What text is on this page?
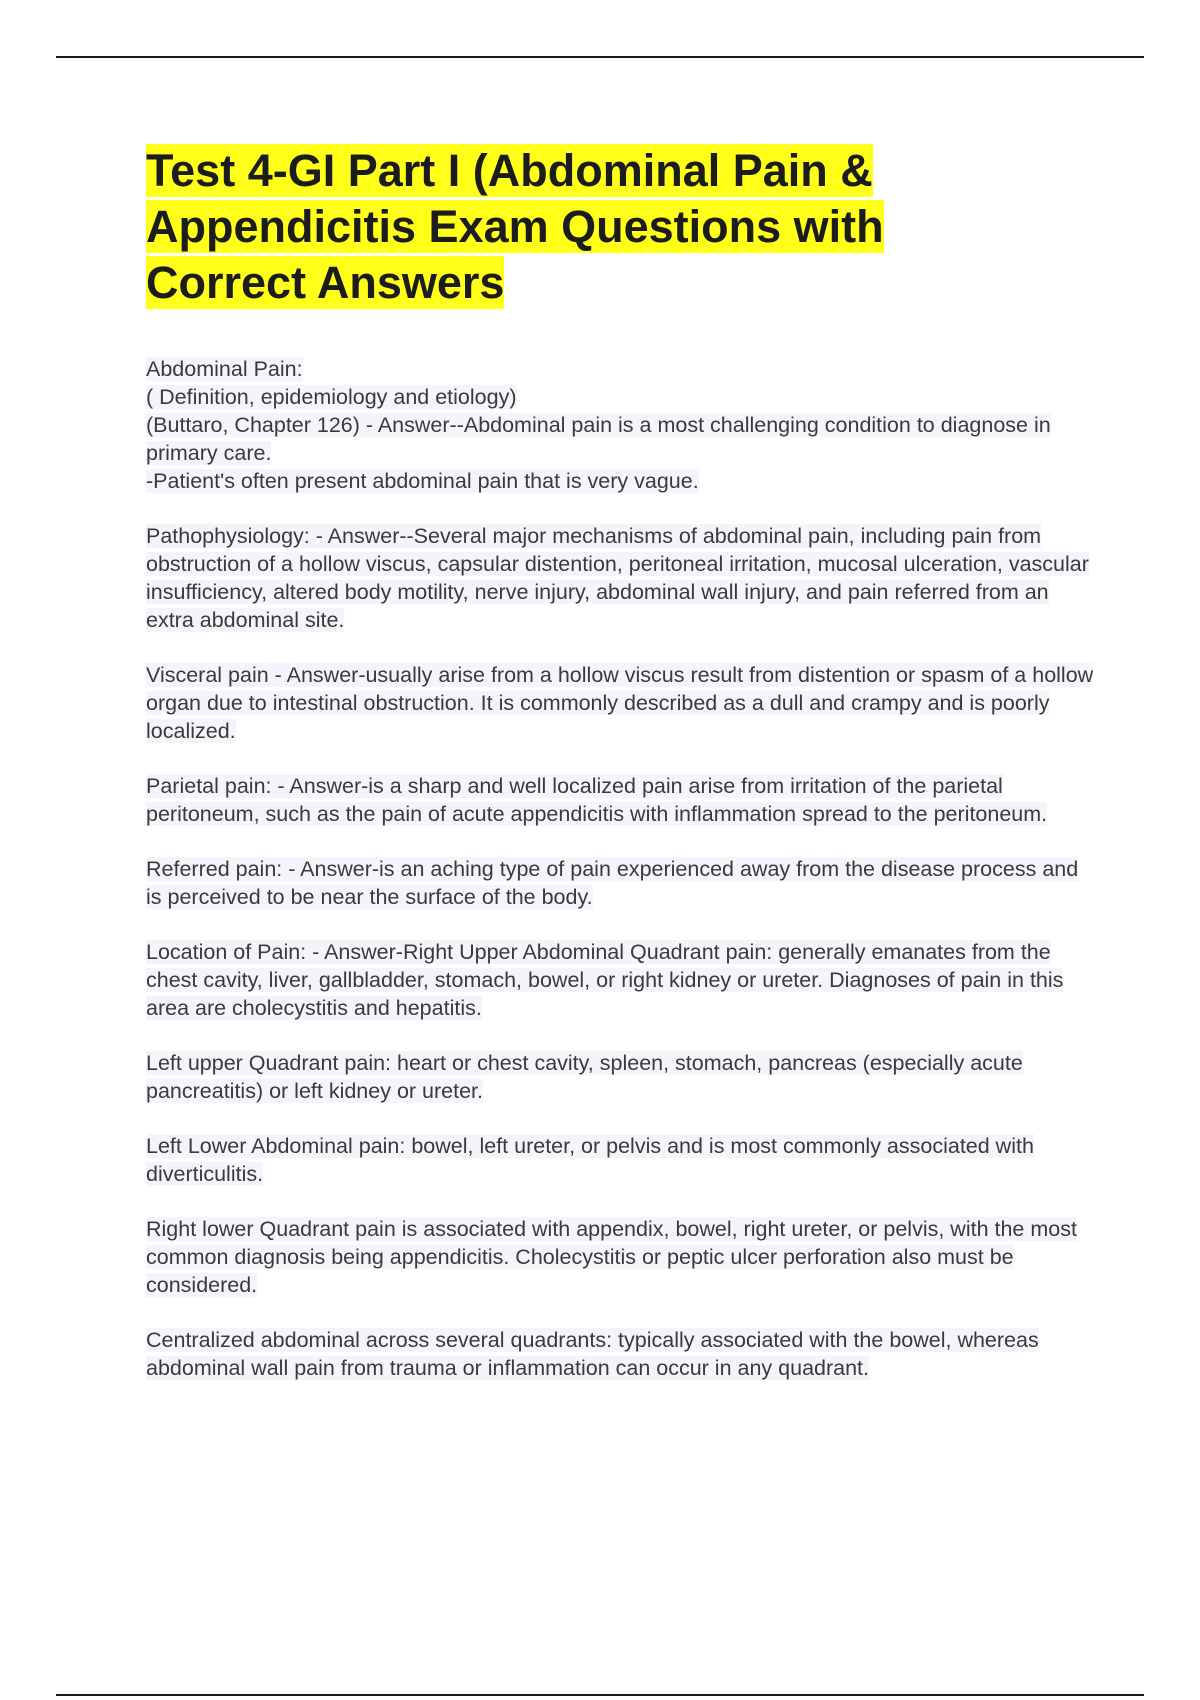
Test 4-GI Part I (Abdominal Pain & Appendicitis Exam Questions with Correct Answers

Abdominal Pain:
( Definition, epidemiology and etiology)
(Buttaro, Chapter 126) - Answer--Abdominal pain is a most challenging condition to diagnose in primary care.
-Patient's often present abdominal pain that is very vague.

Pathophysiology: - Answer--Several major mechanisms of abdominal pain, including pain from obstruction of a hollow viscus, capsular distention, peritoneal irritation, mucosal ulceration, vascular insufficiency, altered body motility, nerve injury, abdominal wall injury, and pain referred from an extra abdominal site.

Visceral pain - Answer-usually arise from a hollow viscus result from distention or spasm of a hollow organ due to intestinal obstruction. It is commonly described as a dull and crampy and is poorly localized.

Parietal pain: - Answer-is a sharp and well localized pain arise from irritation of the parietal peritoneum, such as the pain of acute appendicitis with inflammation spread to the peritoneum.

Referred pain: - Answer-is an aching type of pain experienced away from the disease process and is perceived to be near the surface of the body.

Location of Pain: - Answer-Right Upper Abdominal Quadrant pain: generally emanates from the chest cavity, liver, gallbladder, stomach, bowel, or right kidney or ureter. Diagnoses of pain in this area are cholecystitis and hepatitis.

Left upper Quadrant pain: heart or chest cavity, spleen, stomach, pancreas (especially acute pancreatitis) or left kidney or ureter.

Left Lower Abdominal pain: bowel, left ureter, or pelvis and is most commonly associated with diverticulitis.

Right lower Quadrant pain is associated with appendix, bowel, right ureter, or pelvis, with the most common diagnosis being appendicitis. Cholecystitis or peptic ulcer perforation also must be considered.

Centralized abdominal across several quadrants: typically associated with the bowel, whereas abdominal wall pain from trauma or inflammation can occur in any quadrant.
